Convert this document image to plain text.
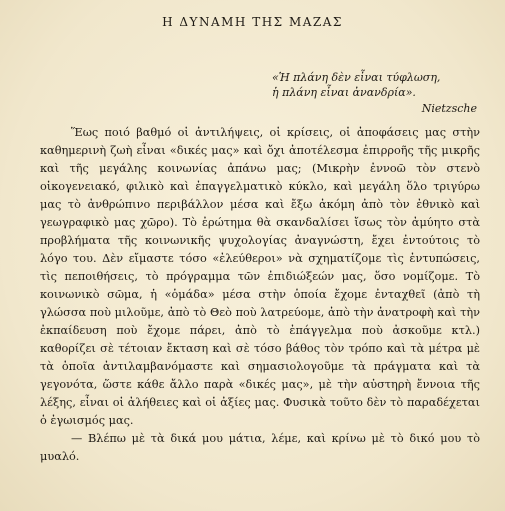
Η ΔΥΝΑΜΗ ΤΗΣ ΜΑΖΑΣ
«Ἡ πλάνη δὲν εἶναι τύφλωση,
ἡ πλάνη εἶναι ἀνανδρία».
Nietzsche

Ἕως ποιό βαθμό οἱ ἀντιλήψεις, οἱ κρίσεις, οἱ ἀποφάσεις μας στὴν καθημερινὴ ζωὴ εἶναι «δικές μας» καὶ ὄχι ἀποτέλεσμα ἐπιρροῆς τῆς μικρῆς καὶ τῆς μεγάλης κοινωνίας ἀπάνω μας; (Μικρὴν ἐννοῶ τὸν στενὸ οἰκογενειακό, φιλικὸ καὶ ἐπαγγελματικὸ κύκλο, καὶ μεγάλη ὅλο τριγύρω μας τὸ ἀνθρώπινο περιβάλλον μέσα καὶ ἔξω ἀκόμη ἀπὸ τὸν ἐθνικὸ καὶ γεωγραφικὸ μας χῶρο). Τὸ ἐρώτημα θὰ σκανδαλίσει ἴσως τὸν ἀμύητο στὰ προβλήματα τῆς κοινωνικῆς ψυχολογίας ἀναγνώστη, ἔχει ἐντούτοις τὸ λόγο του. Δὲν εἴμαστε τόσο «ἐλεύθεροι» νὰ σχηματίζομε τὶς ἐντυπώσεις, τὶς πεποιθήσεις, τὸ πρόγραμμα τῶν ἐπιδιώξεών μας, ὅσο νομίζομε. Τὸ κοινωνικὸ σῶμα, ἡ «ὁμάδα» μέσα στὴν ὁποία ἔχομε ἐνταχθεῖ (ἀπὸ τὴ γλώσσα ποὺ μιλοῦμε, ἀπὸ τὸ Θεὸ ποὺ λατρεύομε, ἀπὸ τὴν ἀνατροφὴ καὶ τὴν ἐκπαίδευση ποὺ ἔχομε πάρει, ἀπὸ τὸ ἐπάγγελμα ποὺ ἀσκοῦμε κτλ.) καθορίζει σὲ τέτοιαν ἔκταση καὶ σὲ τόσο βάθος τὸν τρόπο καὶ τὰ μέτρα μὲ τὰ ὁποῖα ἀντιλαμβανόμαστε καὶ σημασιολογοῦμε τὰ πράγματα καὶ τὰ γεγονότα, ὥστε κάθε ἄλλο παρὰ «δικές μας», μὲ τὴν αὐστηρὴ ἔννοια τῆς λέξης, εἶναι οἱ ἀλήθειες καὶ οἱ ἀξίες μας. Φυσικὰ τοῦτο δὲν τὸ παραδέχεται ὁ ἐγωισμός μας.

— Βλέπω μὲ τὰ δικά μου μάτια, λέμε, καὶ κρίνω μὲ τὸ δικό μου τὸ μυαλό.
